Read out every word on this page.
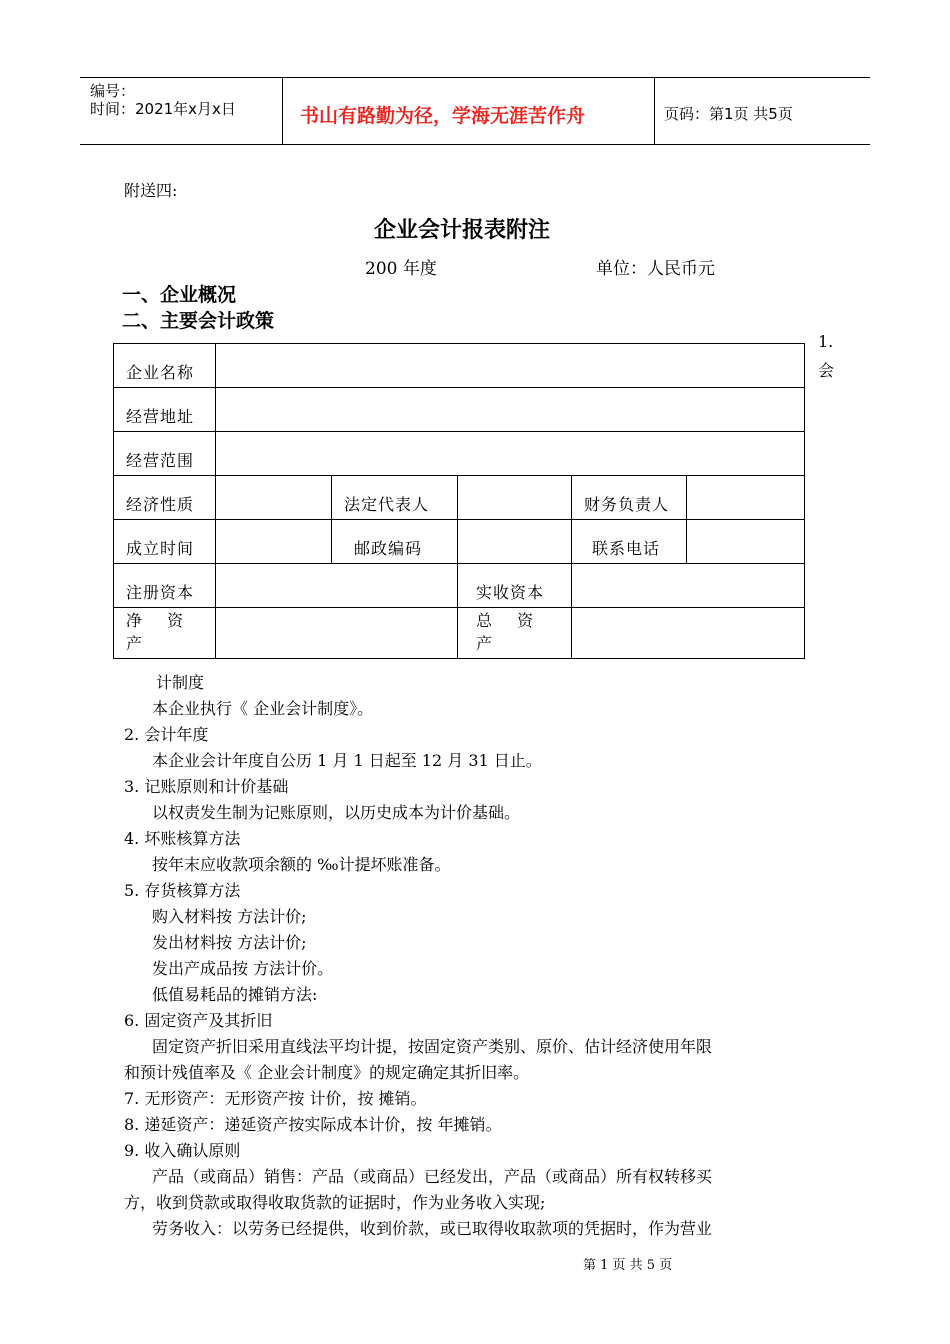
编号：
时间：2021年x月x日	书山有路勤为径，学海无涯苦作舟	页码：第1页 共5页
附送四:
企业会计报表附注
200 年度	单位：人民币元
一、企业概况
二、主要会计政策
1.
会
企业名称					
经营地址					
经营范围					
经济性质		法定代表人		财务负责人	
成立时间		邮政编码		联系电话	
注册资本			实收资本		
净 资 产			总 资 产		
计制度
本企业执行《 企业会计制度》。
2. 会计年度
本企业会计年度自公历 1 月 1 日起至 12 月 31 日止。
3. 记账原则和计价基础
以权责发生制为记账原则，以历史成本为计价基础。
4. 坏账核算方法
按年末应收款项余额的 ‰计提坏账准备。
5. 存货核算方法
购入材料按 方法计价;
发出材料按 方法计价;
发出产成品按 方法计价。
低值易耗品的摊销方法:
6. 固定资产及其折旧
固定资产折旧采用直线法平均计提，按固定资产类别、原价、估计经济使用年限
和预计残值率及《 企业会计制度》的规定确定其折旧率。
7. 无形资产：无形资产按 计价，按 摊销。
8. 递延资产：递延资产按实际成本计价，按 年摊销。
9. 收入确认原则
产品（或商品）销售：产品（或商品）已经发出，产品（或商品）所有权转移买
方，收到贷款或取得收取货款的证据时，作为业务收入实现;
劳务收入：以劳务已经提供，收到价款，或已取得收取款项的凭据时，作为营业
第 1 页 共 5 页
